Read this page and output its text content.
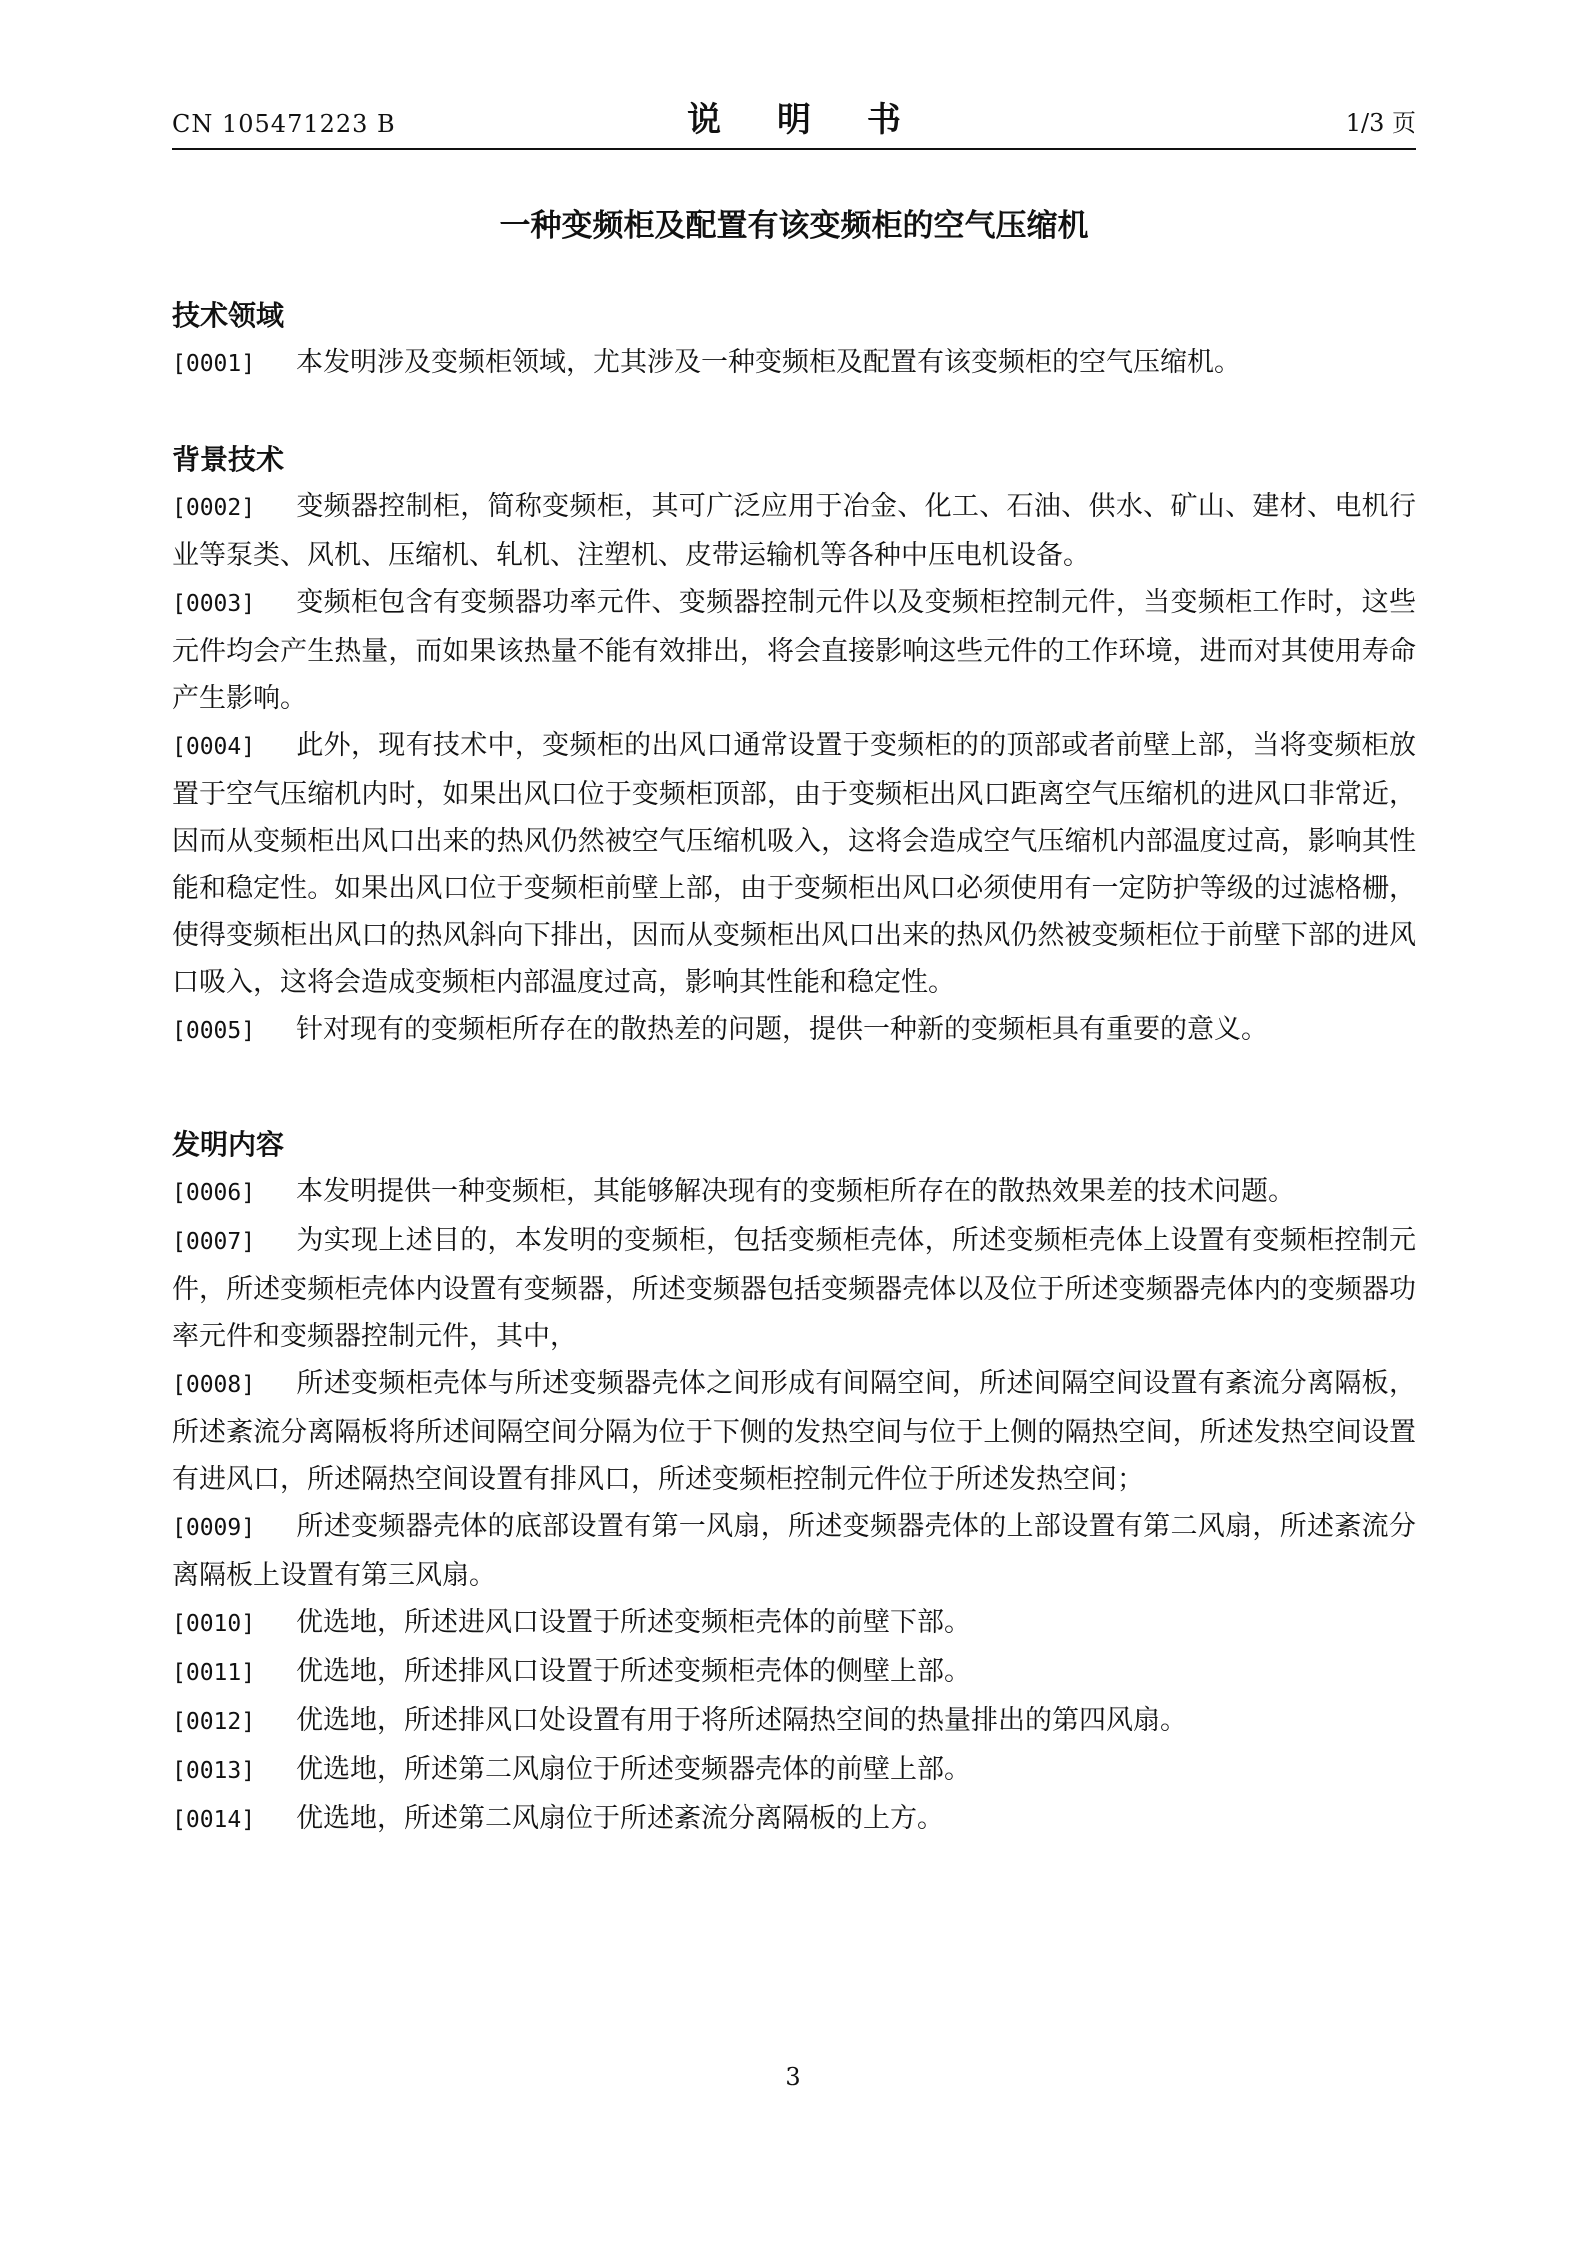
CN 105471223 B	说 明 书	1/3 页
一种变频柜及配置有该变频柜的空气压缩机
技术领域

[0001] 本发明涉及变频柜领域，尤其涉及一种变频柜及配置有该变频柜的空气压缩机。

背景技术

[0002] 变频器控制柜，简称变频柜，其可广泛应用于冶金、化工、石油、供水、矿山、建材、电机行业等泵类、风机、压缩机、轧机、注塑机、皮带运输机等各种中压电机设备。

[0003] 变频柜包含有变频器功率元件、变频器控制元件以及变频柜控制元件，当变频柜工作时，这些元件均会产生热量，而如果该热量不能有效排出，将会直接影响这些元件的工作环境，进而对其使用寿命产生影响。

[0004] 此外，现有技术中，变频柜的出风口通常设置于变频柜的的顶部或者前壁上部，当将变频柜放置于空气压缩机内时，如果出风口位于变频柜顶部，由于变频柜出风口距离空气压缩机的进风口非常近，因而从变频柜出风口出来的热风仍然被空气压缩机吸入，这将会造成空气压缩机内部温度过高，影响其性能和稳定性。如果出风口位于变频柜前壁上部，由于变频柜出风口必须使用有一定防护等级的过滤格栅，使得变频柜出风口的热风斜向下排出，因而从变频柜出风口出来的热风仍然被变频柜位于前壁下部的进风口吸入，这将会造成变频柜内部温度过高，影响其性能和稳定性。

[0005] 针对现有的变频柜所存在的散热差的问题，提供一种新的变频柜具有重要的意义。

发明内容

[0006] 本发明提供一种变频柜，其能够解决现有的变频柜所存在的散热效果差的技术问题。

[0007] 为实现上述目的，本发明的变频柜，包括变频柜壳体，所述变频柜壳体上设置有变频柜控制元件，所述变频柜壳体内设置有变频器，所述变频器包括变频器壳体以及位于所述变频器壳体内的变频器功率元件和变频器控制元件，其中，

[0008] 所述变频柜壳体与所述变频器壳体之间形成有间隔空间，所述间隔空间设置有紊流分离隔板，所述紊流分离隔板将所述间隔空间分隔为位于下侧的发热空间与位于上侧的隔热空间，所述发热空间设置有进风口，所述隔热空间设置有排风口，所述变频柜控制元件位于所述发热空间；

[0009] 所述变频器壳体的底部设置有第一风扇，所述变频器壳体的上部设置有第二风扇，所述紊流分离隔板上设置有第三风扇。

[0010] 优选地，所述进风口设置于所述变频柜壳体的前壁下部。

[0011] 优选地，所述排风口设置于所述变频柜壳体的侧壁上部。

[0012] 优选地，所述排风口处设置有用于将所述隔热空间的热量排出的第四风扇。

[0013] 优选地，所述第二风扇位于所述变频器壳体的前壁上部。

[0014] 优选地，所述第二风扇位于所述紊流分离隔板的上方。

3
